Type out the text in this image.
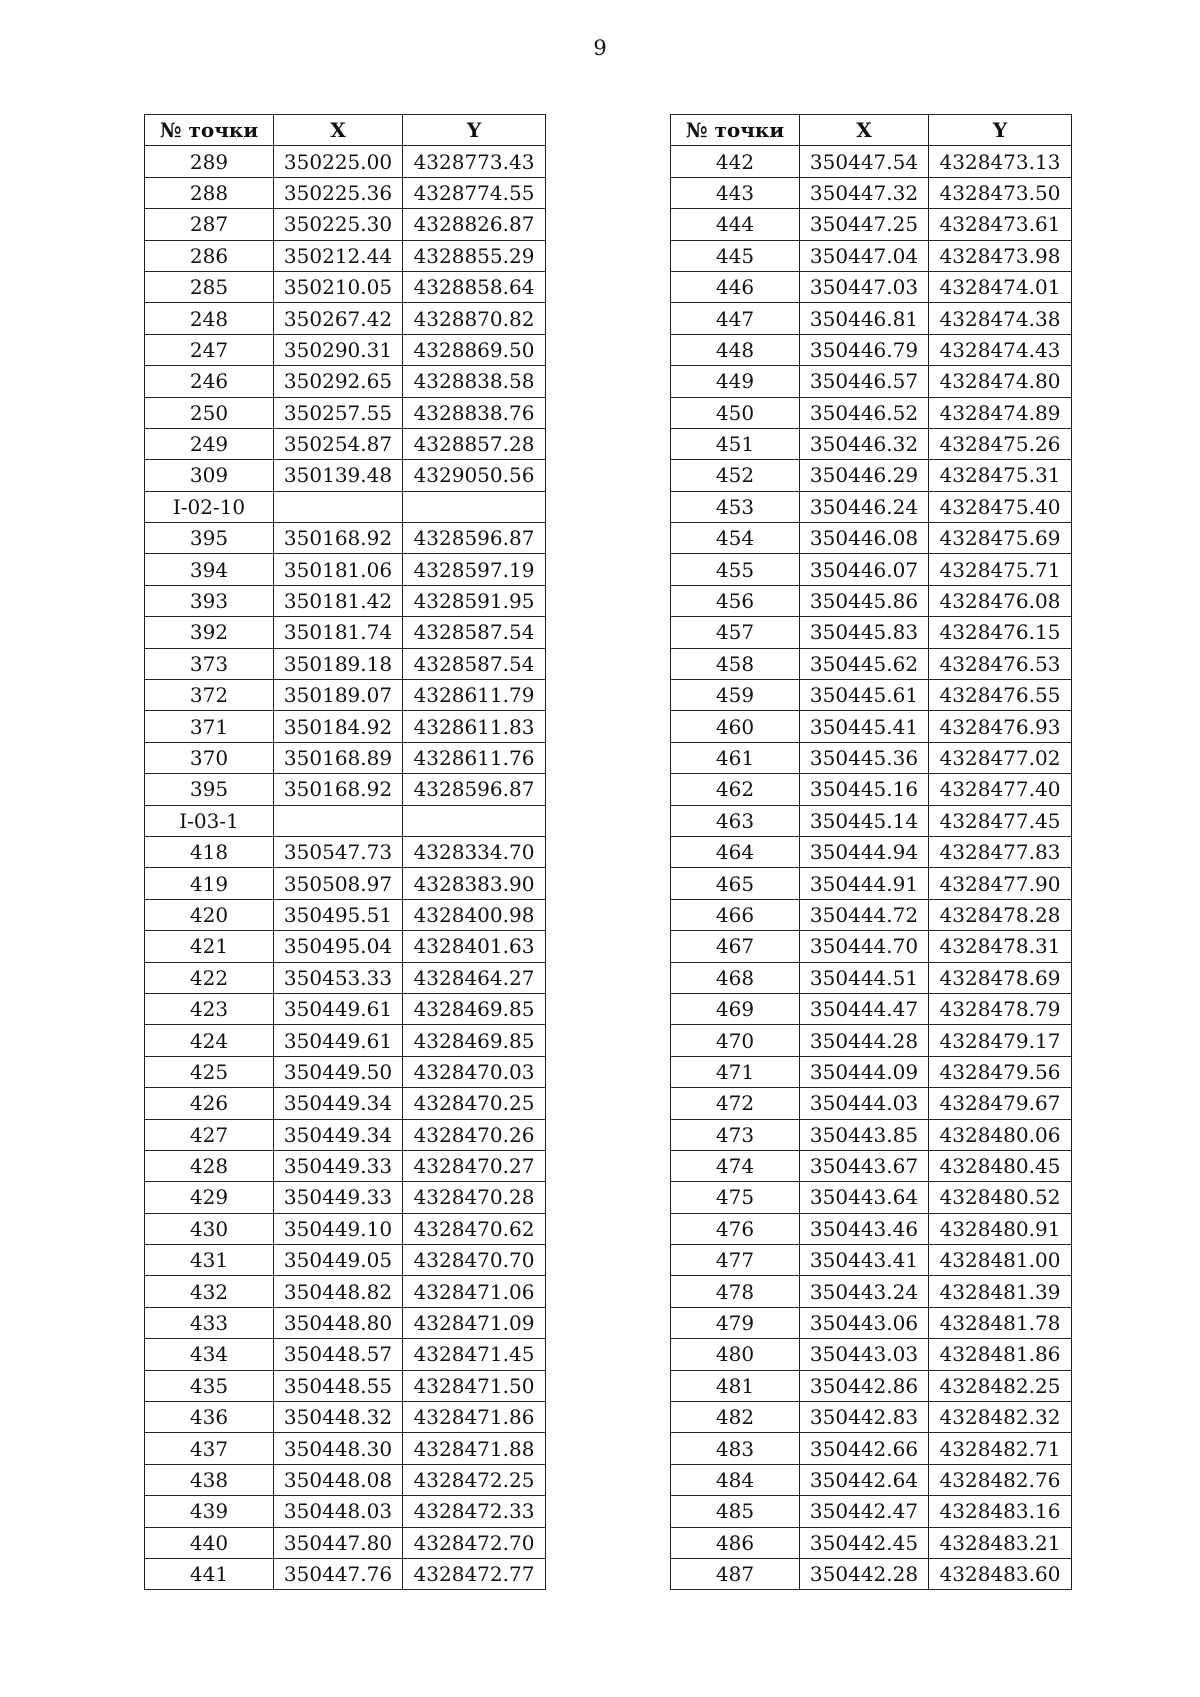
9
№ точки	X	Y
289	350225.00	4328773.43
288	350225.36	4328774.55
287	350225.30	4328826.87
286	350212.44	4328855.29
285	350210.05	4328858.64
248	350267.42	4328870.82
247	350290.31	4328869.50
246	350292.65	4328838.58
250	350257.55	4328838.76
249	350254.87	4328857.28
309	350139.48	4329050.56
I-02-10		
395	350168.92	4328596.87
394	350181.06	4328597.19
393	350181.42	4328591.95
392	350181.74	4328587.54
373	350189.18	4328587.54
372	350189.07	4328611.79
371	350184.92	4328611.83
370	350168.89	4328611.76
395	350168.92	4328596.87
I-03-1		
418	350547.73	4328334.70
419	350508.97	4328383.90
420	350495.51	4328400.98
421	350495.04	4328401.63
422	350453.33	4328464.27
423	350449.61	4328469.85
424	350449.61	4328469.85
425	350449.50	4328470.03
426	350449.34	4328470.25
427	350449.34	4328470.26
428	350449.33	4328470.27
429	350449.33	4328470.28
430	350449.10	4328470.62
431	350449.05	4328470.70
432	350448.82	4328471.06
433	350448.80	4328471.09
434	350448.57	4328471.45
435	350448.55	4328471.50
436	350448.32	4328471.86
437	350448.30	4328471.88
438	350448.08	4328472.25
439	350448.03	4328472.33
440	350447.80	4328472.70
441	350447.76	4328472.77
№ точки	X	Y
442	350447.54	4328473.13
443	350447.32	4328473.50
444	350447.25	4328473.61
445	350447.04	4328473.98
446	350447.03	4328474.01
447	350446.81	4328474.38
448	350446.79	4328474.43
449	350446.57	4328474.80
450	350446.52	4328474.89
451	350446.32	4328475.26
452	350446.29	4328475.31
453	350446.24	4328475.40
454	350446.08	4328475.69
455	350446.07	4328475.71
456	350445.86	4328476.08
457	350445.83	4328476.15
458	350445.62	4328476.53
459	350445.61	4328476.55
460	350445.41	4328476.93
461	350445.36	4328477.02
462	350445.16	4328477.40
463	350445.14	4328477.45
464	350444.94	4328477.83
465	350444.91	4328477.90
466	350444.72	4328478.28
467	350444.70	4328478.31
468	350444.51	4328478.69
469	350444.47	4328478.79
470	350444.28	4328479.17
471	350444.09	4328479.56
472	350444.03	4328479.67
473	350443.85	4328480.06
474	350443.67	4328480.45
475	350443.64	4328480.52
476	350443.46	4328480.91
477	350443.41	4328481.00
478	350443.24	4328481.39
479	350443.06	4328481.78
480	350443.03	4328481.86
481	350442.86	4328482.25
482	350442.83	4328482.32
483	350442.66	4328482.71
484	350442.64	4328482.76
485	350442.47	4328483.16
486	350442.45	4328483.21
487	350442.28	4328483.60
